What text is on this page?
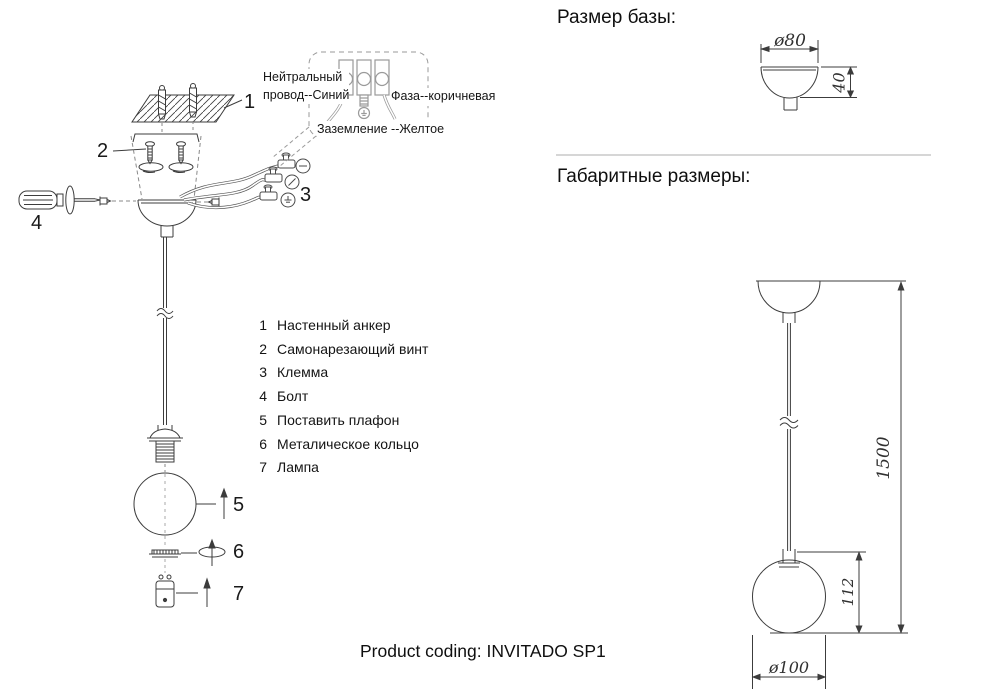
Размер базы:
Габаритные размеры:
Нейтральный
провод--Синий	Фаза--коричневая
Заземление --Желтое
1
2
3
4
5
6
7
1 Настенный анкер
2 Самонарезающий винт
3 Клемма
4 Болт
5 Поставить плафон
6 Металическое кольцо
7 Лампа
ø80
40
1500
112
ø100
Product coding: INVITADO SP1
